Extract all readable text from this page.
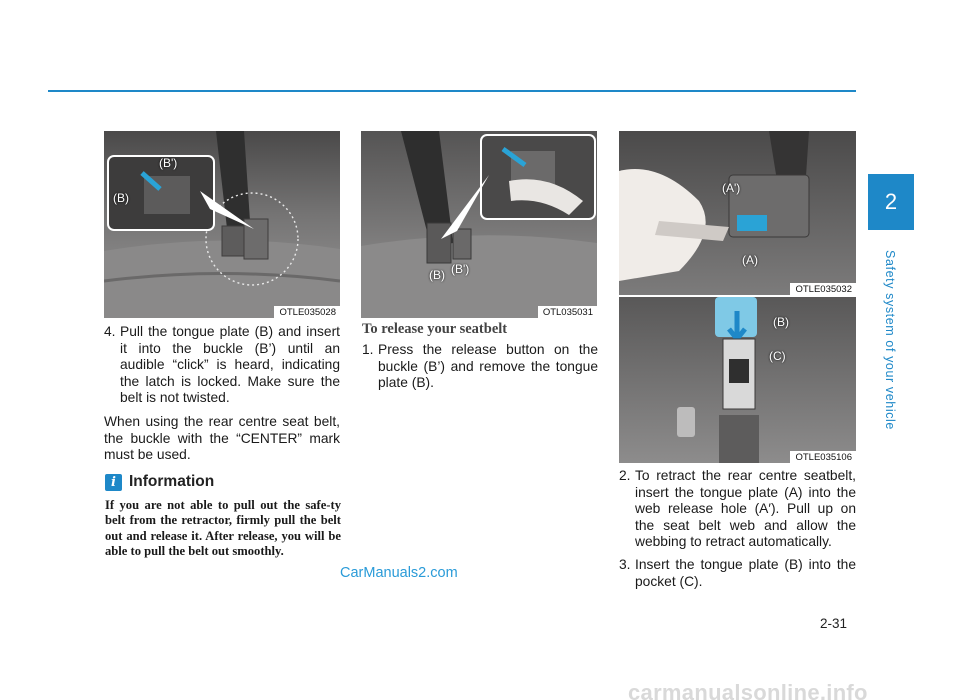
2
Safety system of your vehicle
(B)
(B')
OTLE035028
(B) (B')
OTL035031
(A')
(A)
OTLE035032
(B)
(C)
OTLE035106
4. Pull the tongue plate (B) and insert it into the buckle (B’) until an audible “click” is heard, indicating the latch is locked. Make sure the belt is not twisted.

When using the rear centre seat belt, the buckle with the “CENTER” mark must be used.

i Information

If you are not able to pull out the safe-ty belt from the retractor, firmly pull the belt out and release it. After release, you will be able to pull the belt out smoothly.

To release your seatbelt
1. Press the release button on the buckle (B’) and remove the tongue plate (B).
2. To retract the rear centre seatbelt, insert the tongue plate (A) into the web release hole (A′). Pull up on the seat belt web and allow the webbing to retract automatically.
3. Insert the tongue plate (B) into the pocket (C).
2-31
CarManuals2.com
carmanualsonline.info
